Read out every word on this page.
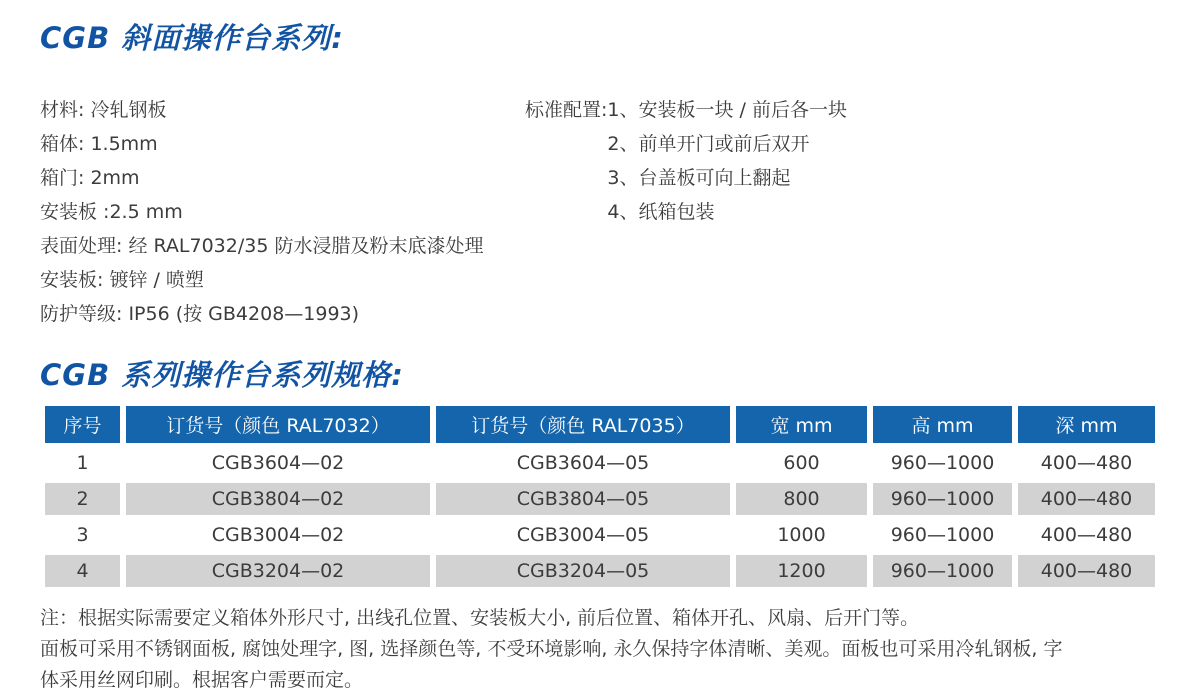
CGB 斜面操作台系列:
材料: 冷轧钢板
箱体: 1.5mm
箱门: 2mm
安装板 :2.5 mm
表面处理: 经 RAL7032/35 防水浸腊及粉末底漆处理
安装板: 镀锌 / 喷塑
防护等级: IP56 (按 GB4208—1993)
标准配置: 1、安装板一块 / 前后各一块
2、前单开门或前后双开
3、台盖板可向上翻起
4、纸箱包装
CGB 系列操作台系列规格:
序号	订货号（颜色 RAL7032）	订货号（颜色 RAL7035）	宽 mm	高 mm	深 mm
1	CGB3604—02	CGB3604—05	600	960—1000	400—480
2	CGB3804—02	CGB3804—05	800	960—1000	400—480
3	CGB3004—02	CGB3004—05	1000	960—1000	400—480
4	CGB3204—02	CGB3204—05	1200	960—1000	400—480
注：根据实际需要定义箱体外形尺寸, 出线孔位置、安装板大小, 前后位置、箱体开孔、风扇、后开门等。
面板可采用不锈钢面板, 腐蚀处理字, 图, 选择颜色等, 不受环境影响, 永久保持字体清晰、美观。面板也可采用冷轧钢板, 字
体采用丝网印刷。根据客户需要而定。
